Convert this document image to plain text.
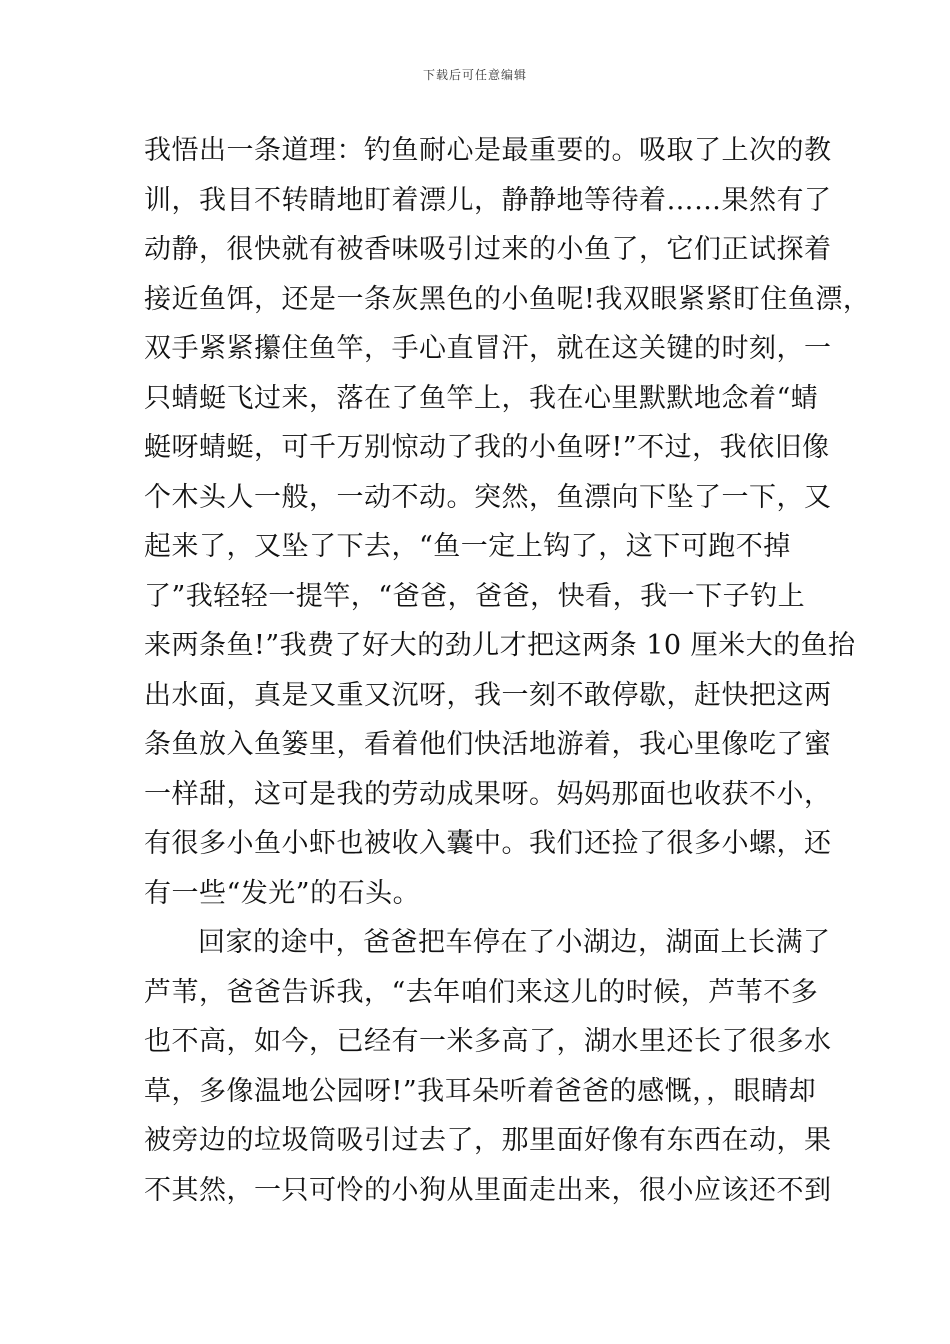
下载后可任意编辑
我悟出一条道理：钓鱼耐心是最重要的。吸取了上次的教
训，我目不转睛地盯着漂儿，静静地等待着……果然有了
动静，很快就有被香味吸引过来的小鱼了，它们正试探着
接近鱼饵，还是一条灰黑色的小鱼呢!我双眼紧紧盯住鱼漂，
双手紧紧攥住鱼竿，手心直冒汗，就在这关键的时刻，一
只蜻蜓飞过来，落在了鱼竿上，我在心里默默地念着“蜻
蜓呀蜻蜓，可千万别惊动了我的小鱼呀!”不过，我依旧像
个木头人一般，一动不动。突然，鱼漂向下坠了一下，又
起来了，又坠了下去，“鱼一定上钩了，这下可跑不掉
了”我轻轻一提竿，“爸爸，爸爸，快看，我一下子钓上
来两条鱼!”我费了好大的劲儿才把这两条 10 厘米大的鱼抬
出水面，真是又重又沉呀，我一刻不敢停歇，赶快把这两
条鱼放入鱼篓里，看着他们快活地游着，我心里像吃了蜜
一样甜，这可是我的劳动成果呀。妈妈那面也收获不小，
有很多小鱼小虾也被收入囊中。我们还捡了很多小螺，还
有一些“发光”的石头。
回家的途中，爸爸把车停在了小湖边，湖面上长满了
芦苇，爸爸告诉我，“去年咱们来这儿的时候，芦苇不多
也不高，如今，已经有一米多高了，湖水里还长了很多水
草，多像温地公园呀!”我耳朵听着爸爸的感慨，，眼睛却
被旁边的垃圾筒吸引过去了，那里面好像有东西在动，果
不其然，一只可怜的小狗从里面走出来，很小应该还不到
